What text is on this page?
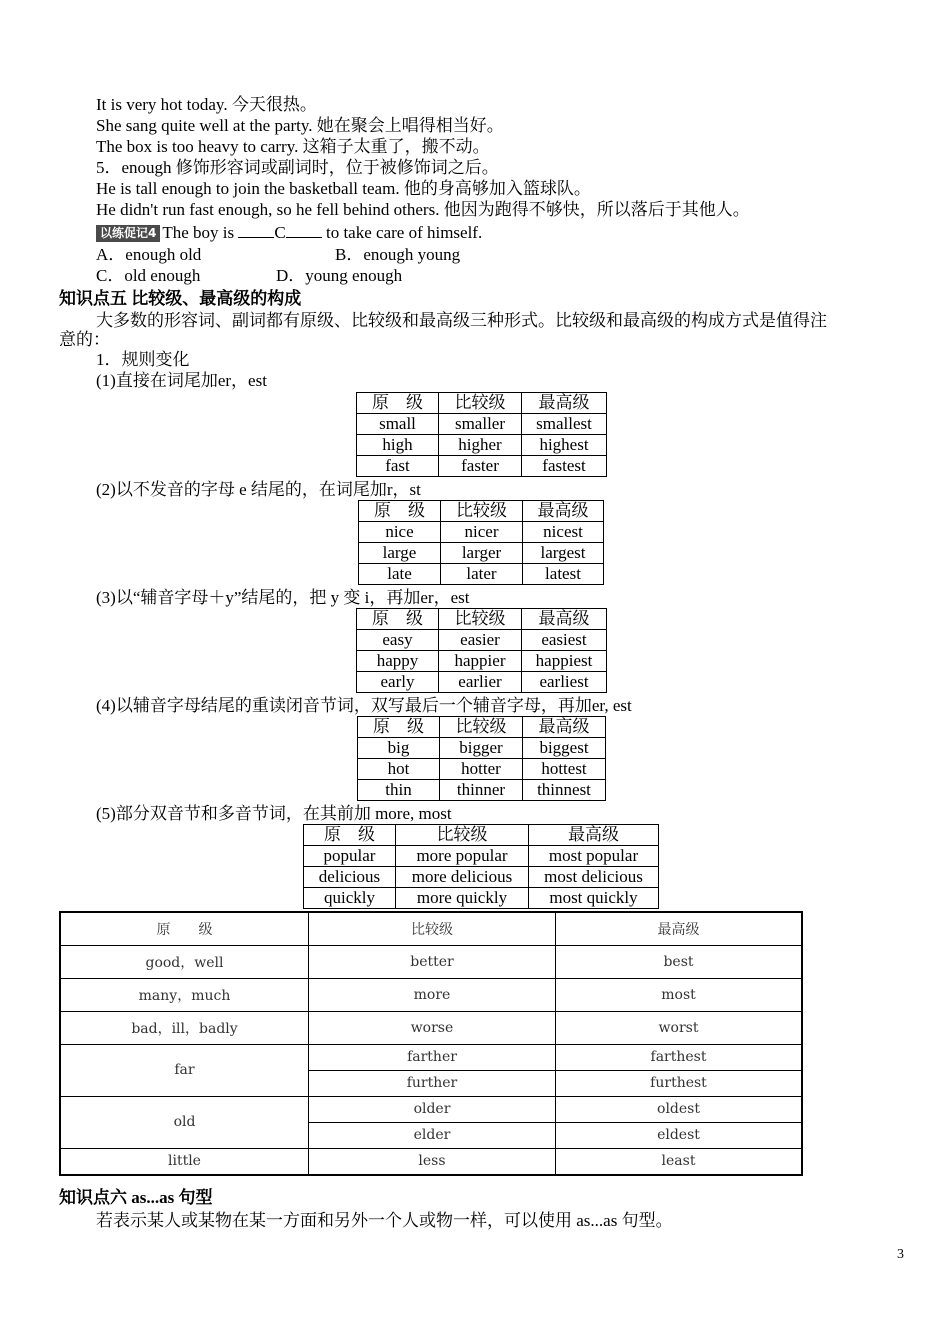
It is very hot today. 今天很热。
She sang quite well at the party. 她在聚会上唱得相当好。
The box is too heavy to carry. 这箱子太重了，搬不动。
5．enough 修饰形容词或副词时，位于被修饰词之后。
He is tall enough to join the basketball team. 他的身高够加入篮球队。
He didn't run fast enough, so he fell behind others. 他因为跑得不够快，所以落后于其他人。
以练促记4 The boy is C to take care of himself.
A．enough old	B．enough young
C．old enough	D．young enough
知识点五 比较级、最高级的构成
大多数的形容词、副词都有原级、比较级和最高级三种形式。比较级和最高级的构成方式是值得注
意的：
1．规则变化
(1)直接在词尾加er，est
原　级	比较级	最高级
small	smaller	smallest
high	higher	highest
fast	faster	fastest
(2)以不发音的字母 e 结尾的，在词尾加r，st
原　级	比较级	最高级
nice	nicer	nicest
large	larger	largest
late	later	latest
(3)以“辅音字母＋y”结尾的，把 y 变 i，再加er，est
原　级	比较级	最高级
easy	easier	easiest
happy	happier	happiest
early	earlier	earliest
(4)以辅音字母结尾的重读闭音节词，双写最后一个辅音字母，再加er, est
原　级	比较级	最高级
big	bigger	biggest
hot	hotter	hottest
thin	thinner	thinnest
(5)部分双音节和多音节词，在其前加 more, most
原　级	比较级	最高级
popular	more popular	most popular
delicious	more delicious	most delicious
quickly	more quickly	most quickly
原　　级	比较级	最高级
good，well	better	best
many，much	more	most
bad，ill，badly	worse	worst
far	farther	farthest
	further	furthest
old	older	oldest
	elder	eldest
little	less	least
知识点六 as...as 句型
若表示某人或某物在某一方面和另外一个人或物一样，可以使用 as...as 句型。
3
